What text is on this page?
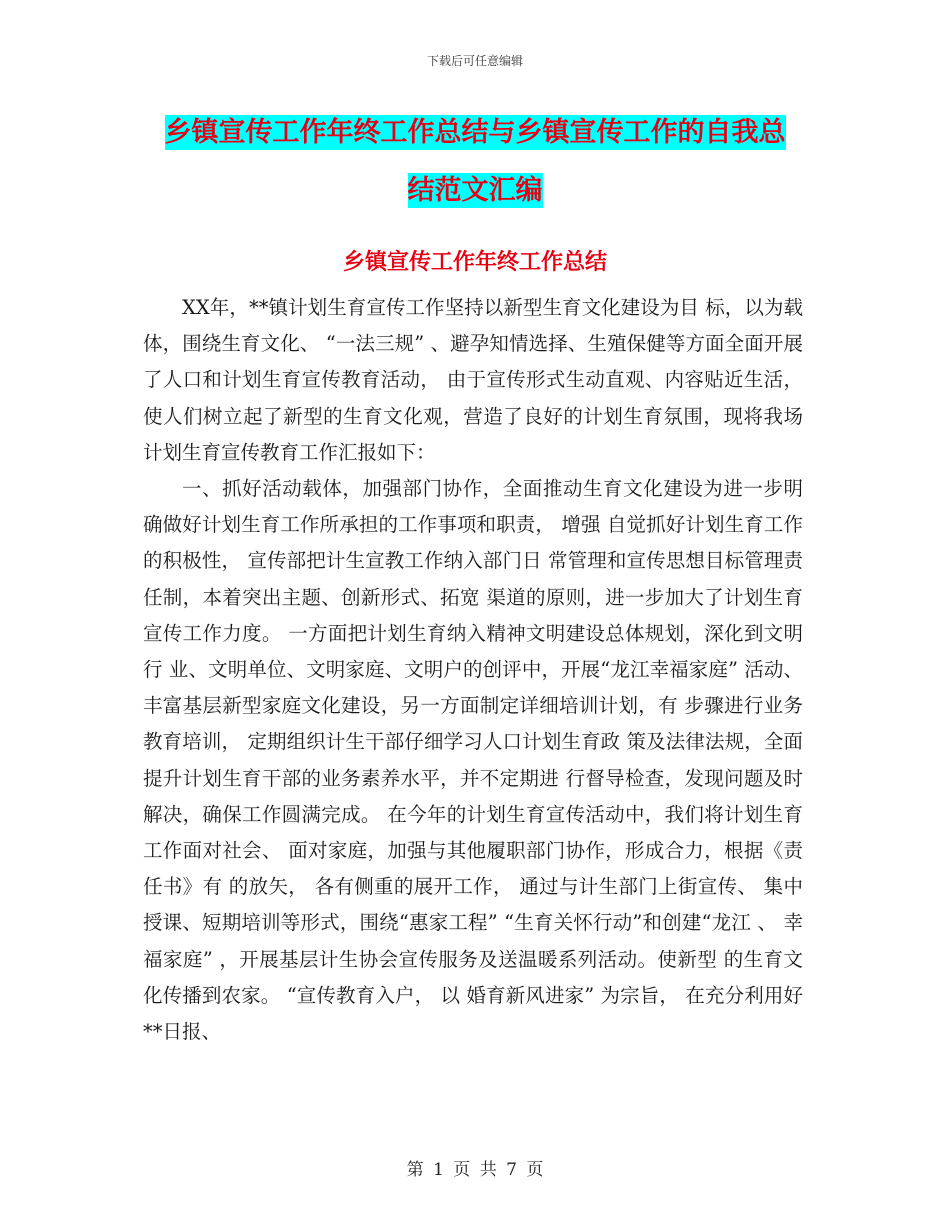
下载后可任意编辑
乡镇宣传工作年终工作总结与乡镇宣传工作的自我总
结范文汇编
乡镇宣传工作年终工作总结

XX年，**镇计划生育宣传工作坚持以新型生育文化建设为目 标，以为载体，围绕生育文化、 “一法三规” 、避孕知情选择、生殖保健等方面全面开展了人口和计划生育宣传教育活动， 由于宣传形式生动直观、内容贴近生活，使人们树立起了新型的生育文化观，营造了良好的计划生育氛围，现将我场计划生育宣传教育工作汇报如下：

一、抓好活动载体，加强部门协作，全面推动生育文化建设为进一步明确做好计划生育工作所承担的工作事项和职责， 增强 自觉抓好计划生育工作的积极性， 宣传部把计生宣教工作纳入部门日 常管理和宣传思想目标管理责任制，本着突出主题、创新形式、拓宽 渠道的原则，进一步加大了计划生育宣传工作力度。 一方面把计划生育纳入精神文明建设总体规划，深化到文明行 业、文明单位、文明家庭、文明户的创评中，开展“龙江幸福家庭” 活动、丰富基层新型家庭文化建设，另一方面制定详细培训计划，有 步骤进行业务教育培训， 定期组织计生干部仔细学习人口计划生育政 策及法律法规，全面提升计划生育干部的业务素养水平，并不定期进 行督导检查，发现问题及时解决，确保工作圆满完成。 在今年的计划生育宣传活动中，我们将计划生育工作面对社会、 面对家庭，加强与其他履职部门协作，形成合力，根据《责任书》有 的放矢， 各有侧重的展开工作， 通过与计生部门上街宣传、 集中授课、短期培训等形式，围绕“惠家工程” “生育关怀行动”和创建“龙江 、 幸福家庭” ，开展基层计生协会宣传服务及送温暖系列活动。使新型 的生育文化传播到农家。 “宣传教育入户， 以 婚育新风进家” 为宗旨， 在充分利用好**日报、

第 1 页 共 7 页
